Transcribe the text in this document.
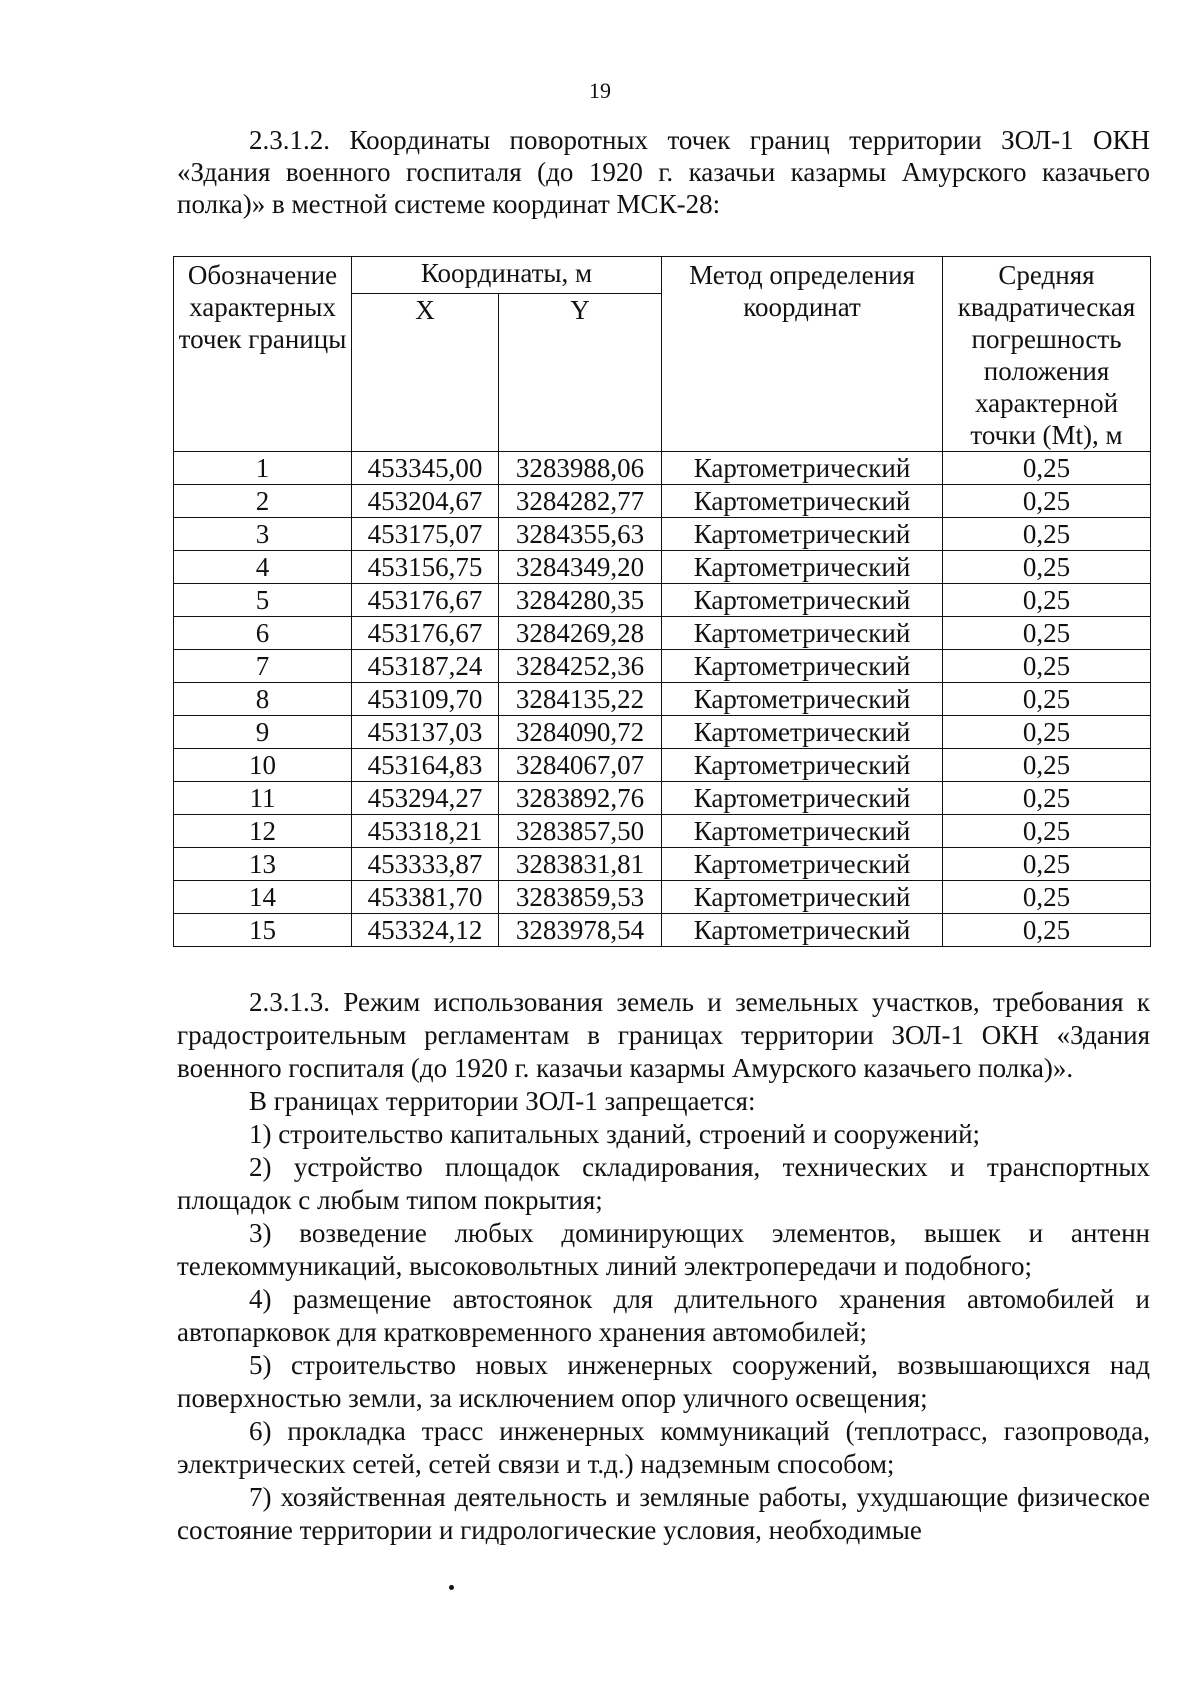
19
2.3.1.2. Координаты поворотных точек границ территории ЗОЛ-1 ОКН «Здания военного госпиталя (до 1920 г. казачьи казармы Амурского казачьего полка)» в местной системе координат МСК-28:
Обозначение характерных точек границы	Координаты, м		Метод определения координат	Средняя квадратическая погрешность положения характерной точки (Mt), м
	X	Y		
1	453345,00	3283988,06	Картометрический	0,25
2	453204,67	3284282,77	Картометрический	0,25
3	453175,07	3284355,63	Картометрический	0,25
4	453156,75	3284349,20	Картометрический	0,25
5	453176,67	3284280,35	Картометрический	0,25
6	453176,67	3284269,28	Картометрический	0,25
7	453187,24	3284252,36	Картометрический	0,25
8	453109,70	3284135,22	Картометрический	0,25
9	453137,03	3284090,72	Картометрический	0,25
10	453164,83	3284067,07	Картометрический	0,25
11	453294,27	3283892,76	Картометрический	0,25
12	453318,21	3283857,50	Картометрический	0,25
13	453333,87	3283831,81	Картометрический	0,25
14	453381,70	3283859,53	Картометрический	0,25
15	453324,12	3283978,54	Картометрический	0,25

2.3.1.3. Режим использования земель и земельных участков, требования к градостроительным регламентам в границах территории ЗОЛ-1 ОКН «Здания военного госпиталя (до 1920 г. казачьи казармы Амурского казачьего полка)».

В границах территории ЗОЛ-1 запрещается:

1) строительство капитальных зданий, строений и сооружений;

2) устройство площадок складирования, технических и транспортных площадок с любым типом покрытия;

3) возведение любых доминирующих элементов, вышек и антенн телекоммуникаций, высоковольтных линий электропередачи и подобного;

4) размещение автостоянок для длительного хранения автомобилей и автопарковок для кратковременного хранения автомобилей;

5) строительство новых инженерных сооружений, возвышающихся над поверхностью земли, за исключением опор уличного освещения;

6) прокладка трасс инженерных коммуникаций (теплотрасс, газопровода, электрических сетей, сетей связи и т.д.) надземным способом;

7) хозяйственная деятельность и земляные работы, ухудшающие физическое состояние территории и гидрологические условия, необходимые
